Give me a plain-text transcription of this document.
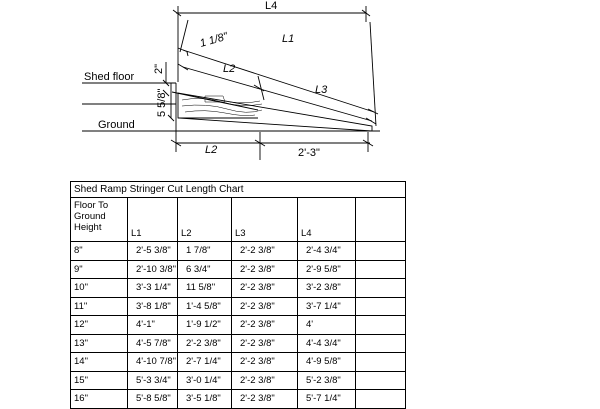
Shed floor
Ground
2"
5 5/8"
1 1/8"	L1
L2
L3
L4
L2	2'-3"
Shed Ramp Stringer Cut Length Chart					
Floor To Ground Height	L1	L2	L3	L4	
8"	2'-5 3/8"	1 7/8"	2'-2 3/8"	2'-4 3/4"	
9"	2'-10 3/8"	6 3/4"	2'-2 3/8"	2'-9 5/8"	
10"	3'-3 1/4"	11 5/8"	2'-2 3/8"	3'-2 3/8"	
11"	3'-8 1/8"	1'-4 5/8"	2'-2 3/8"	3'-7 1/4"	
12"	4'-1"	1'-9 1/2"	2'-2 3/8"	4'	
13"	4'-5 7/8"	2'-2 3/8"	2'-2 3/8"	4'-4 3/4"	
14"	4'-10 7/8"	2'-7 1/4"	2'-2 3/8"	4'-9 5/8"	
15"	5'-3 3/4"	3'-0 1/4"	2'-2 3/8"	5'-2 3/8"	
16"	5'-8 5/8"	3'-5 1/8"	2'-2 3/8"	5'-7 1/4"	
